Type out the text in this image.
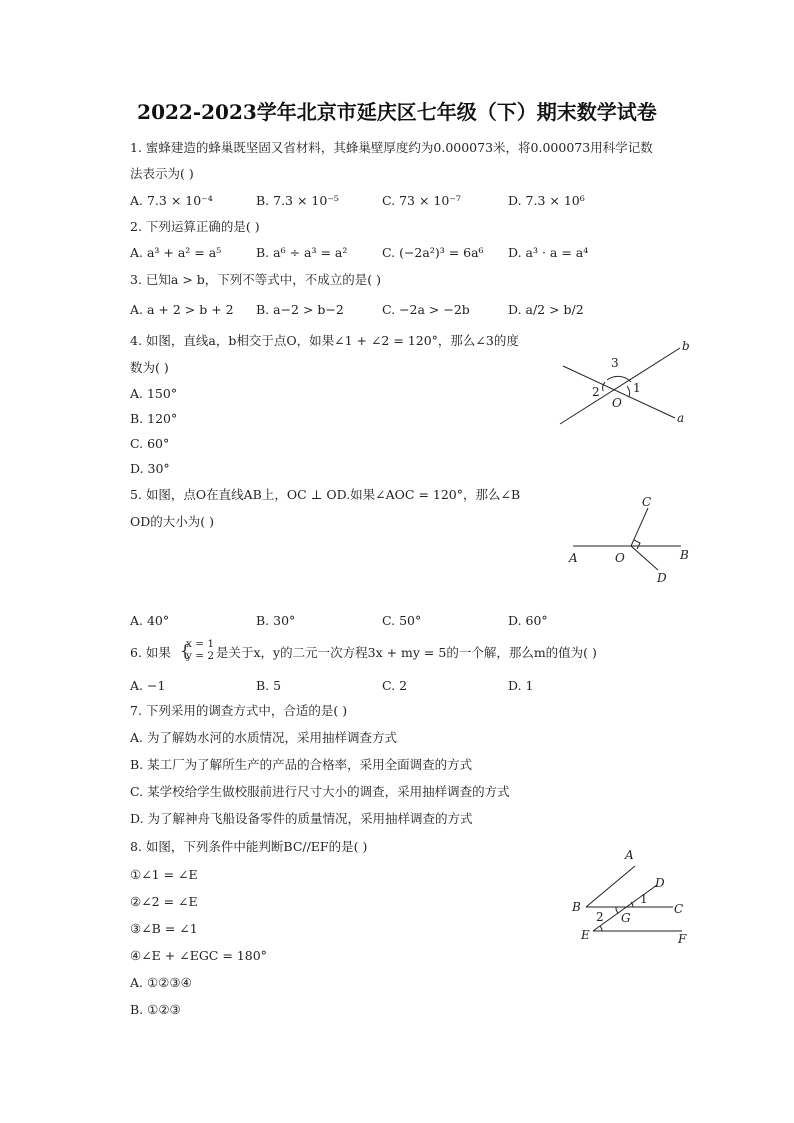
2022-2023学年北京市延庆区七年级（下）期末数学试卷
1. 蜜蜂建造的蜂巢既坚固又省材料，其蜂巢壁厚度约为0.000073米，将0.000073用科学记数
法表示为( )
A. 7.3 × 10⁻⁴	B. 7.3 × 10⁻⁵	C. 73 × 10⁻⁷	D. 7.3 × 10⁶
2. 下列运算正确的是( )
A. a³ + a² = a⁵	B. a⁶ ÷ a³ = a²	C. (−2a²)³ = 6a⁶ D. a³ · a = a⁴
3. 已知a > b，下列不等式中，不成立的是( )
A. a + 2 > b + 2 B. a−2 > b−2	C. −2a > −2b	D. a/2 > b/2
4. 如图，直线a，b相交于点O，如果∠1 + ∠2 = 120°，那么∠3的度
数为( )
A. 150°
B. 120°
C. 60°
D. 30°
b
a
O
1
2
3
5. 如图，点O在直线AB上，OC ⊥ OD.如果∠AOC = 120°，那么∠B
OD的大小为( )
C
A	O	B
D
A. 40°	B. 30°	C. 50°	D. 60°
6. 如果 {
x = 1
y = 2 是关于x，y的二元一次方程3x + my = 5的一个解，那么m的值为( )
A. −1	B. 5	C. 2	D. 1
7. 下列采用的调查方式中，合适的是( )
A. 为了解妫水河的水质情况，采用抽样调查方式
B. 某工厂为了解所生产的产品的合格率，采用全面调查的方式
C. 某学校给学生做校服前进行尺寸大小的调查，采用抽样调查的方式
D. 为了解神舟飞船设备零件的质量情况，采用抽样调查的方式
8. 如图，下列条件中能判断BC//EF的是( )
①∠1 = ∠E
②∠2 = ∠E
③∠B = ∠1
④∠E + ∠EGC = 180°
A. ①②③④
B. ①②③
A
D
B	C
E	F
G
2
1
